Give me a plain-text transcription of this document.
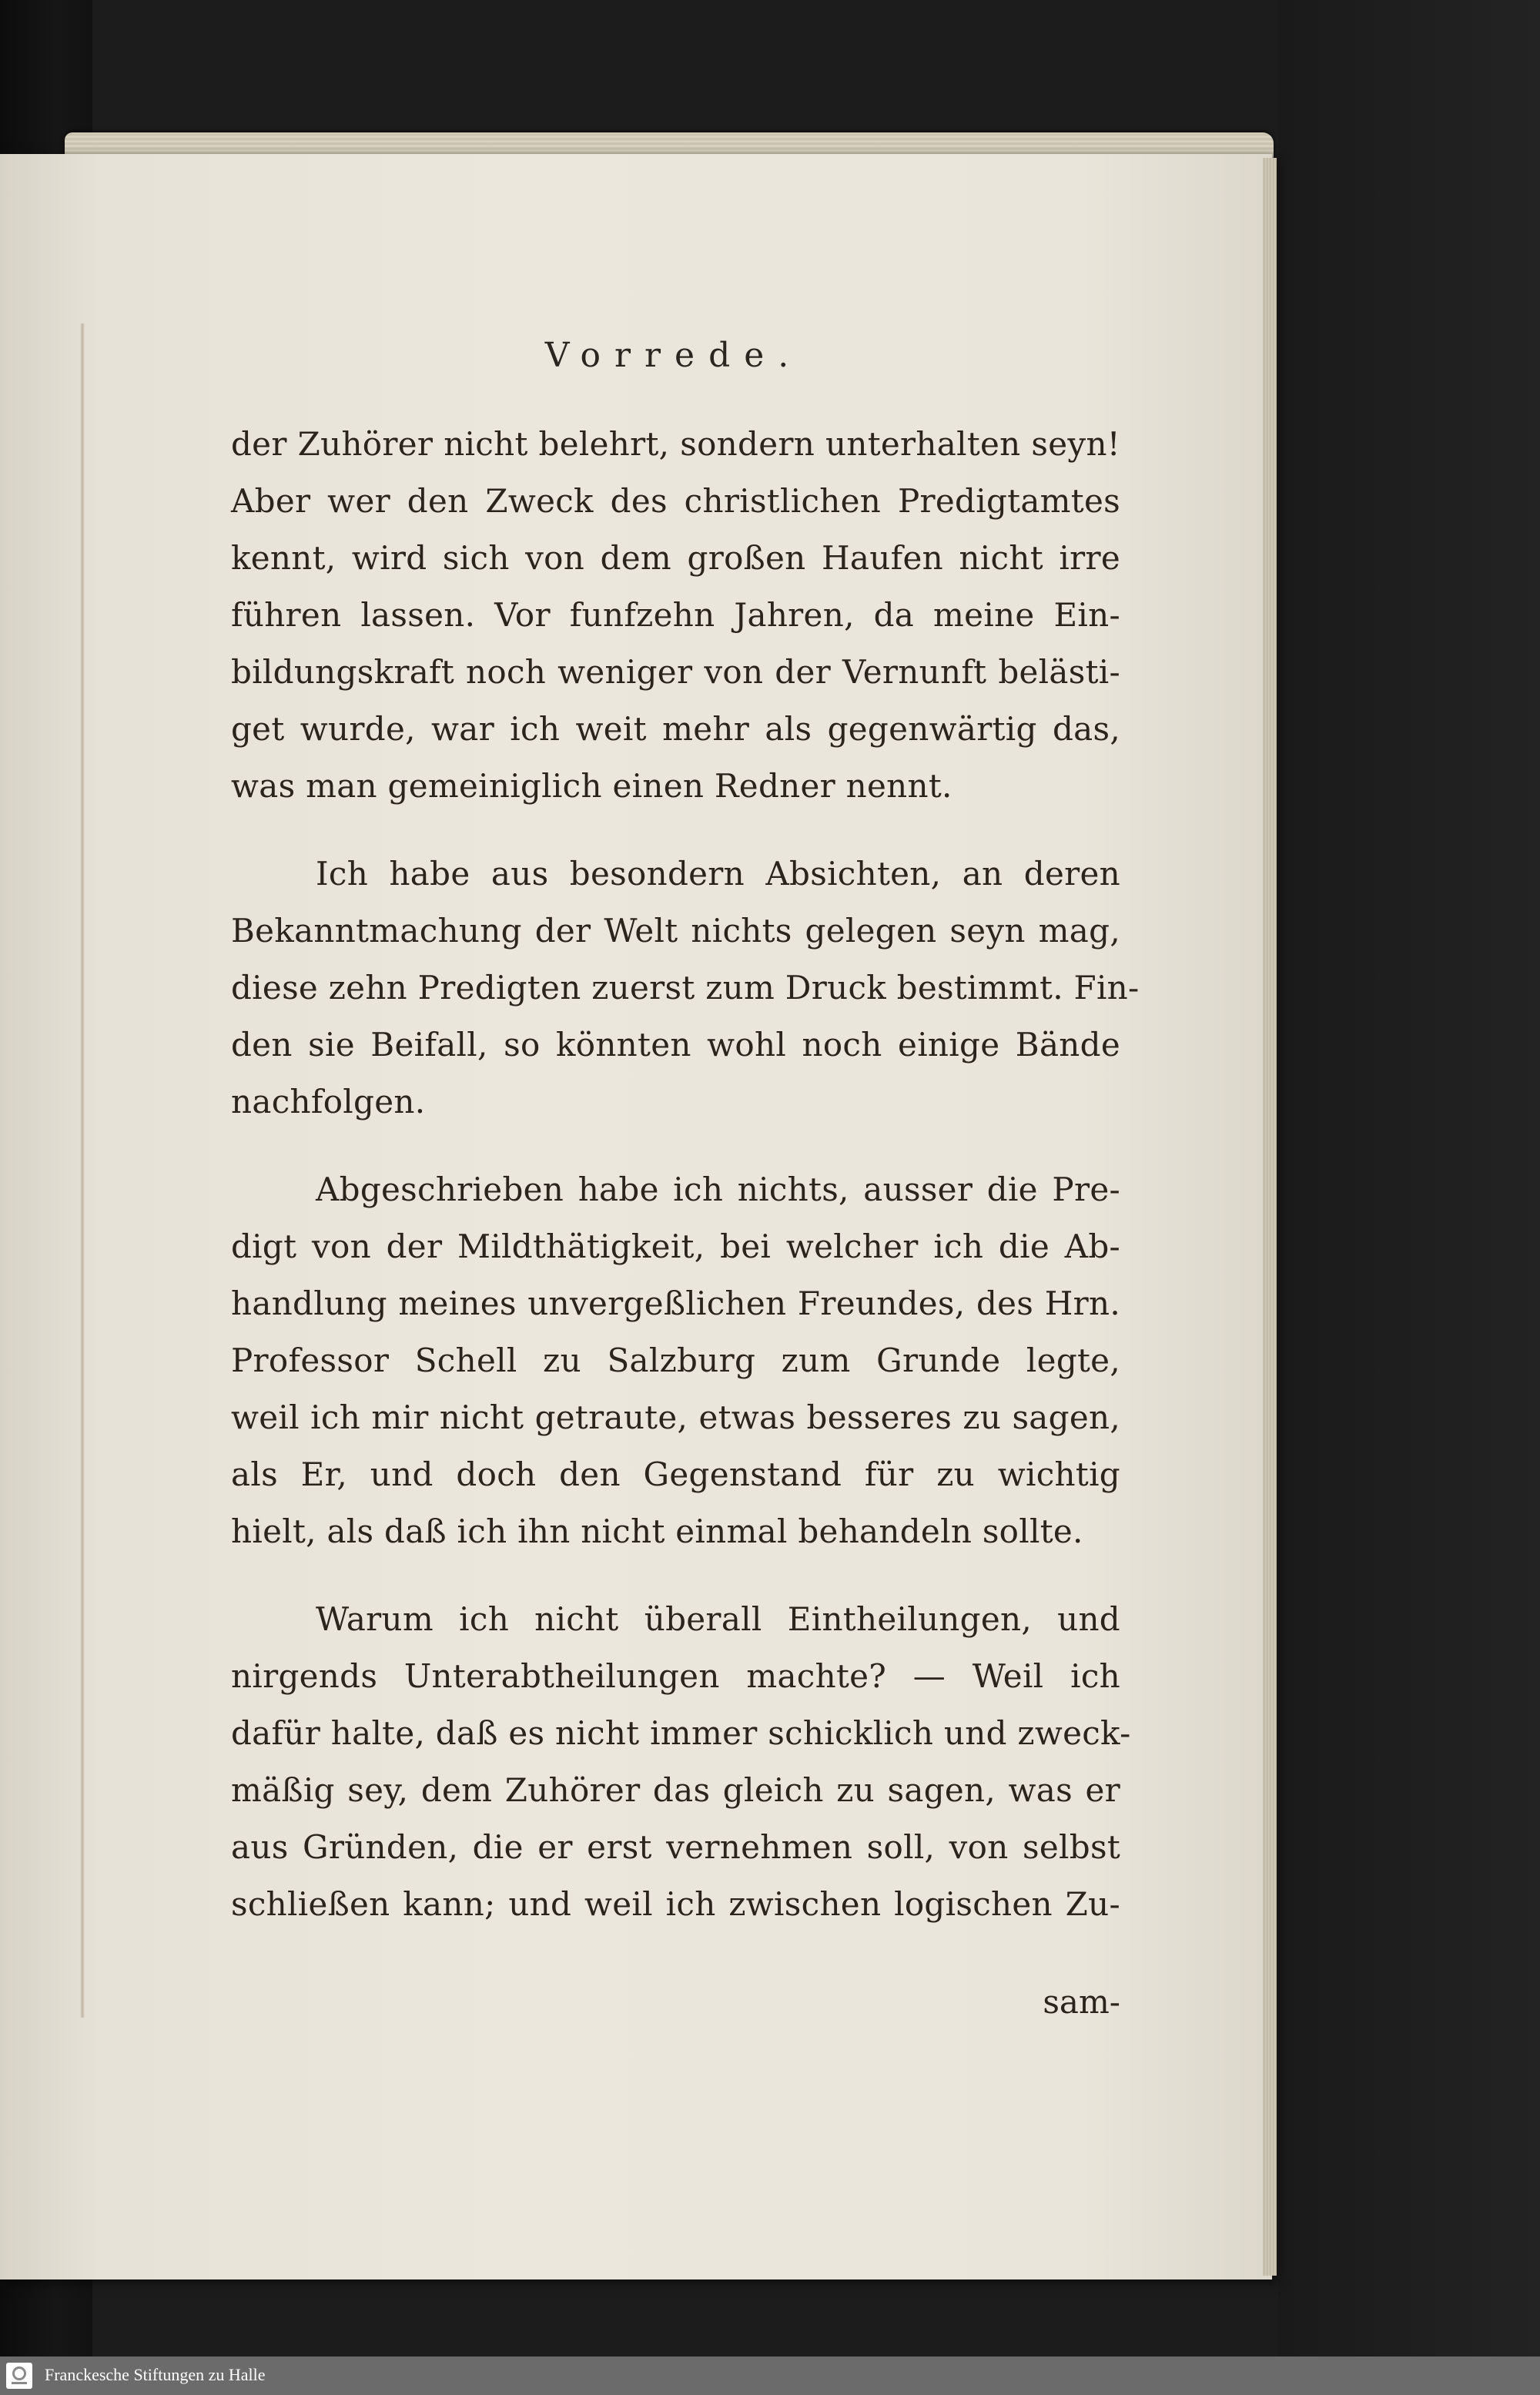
Vorrede.
der Zuhörer nicht belehrt, sondern unterhalten seyn!
Aber wer den Zweck des christlichen Predigtamtes
kennt, wird sich von dem großen Haufen nicht irre
führen lassen. Vor funfzehn Jahren, da meine Ein-
bildungskraft noch weniger von der Vernunft belästi-
get wurde, war ich weit mehr als gegenwärtig das,
was man gemeiniglich einen Redner nennt.
Ich habe aus besondern Absichten, an deren
Bekanntmachung der Welt nichts gelegen seyn mag,
diese zehn Predigten zuerst zum Druck bestimmt. Fin-
den sie Beifall, so könnten wohl noch einige Bände
nachfolgen.
Abgeschrieben habe ich nichts, ausser die Pre-
digt von der Mildthätigkeit, bei welcher ich die Ab-
handlung meines unvergeßlichen Freundes, des Hrn.
Professor Schell zu Salzburg zum Grunde legte,
weil ich mir nicht getraute, etwas besseres zu sagen,
als Er, und doch den Gegenstand für zu wichtig
hielt, als daß ich ihn nicht einmal behandeln sollte.
Warum ich nicht überall Eintheilungen, und
nirgends Unterabtheilungen machte? — Weil ich
dafür halte, daß es nicht immer schicklich und zweck-
mäßig sey, dem Zuhörer das gleich zu sagen, was er
aus Gründen, die er erst vernehmen soll, von selbst
schließen kann; und weil ich zwischen logischen Zu-
sam-
Franckesche Stiftungen zu Halle
